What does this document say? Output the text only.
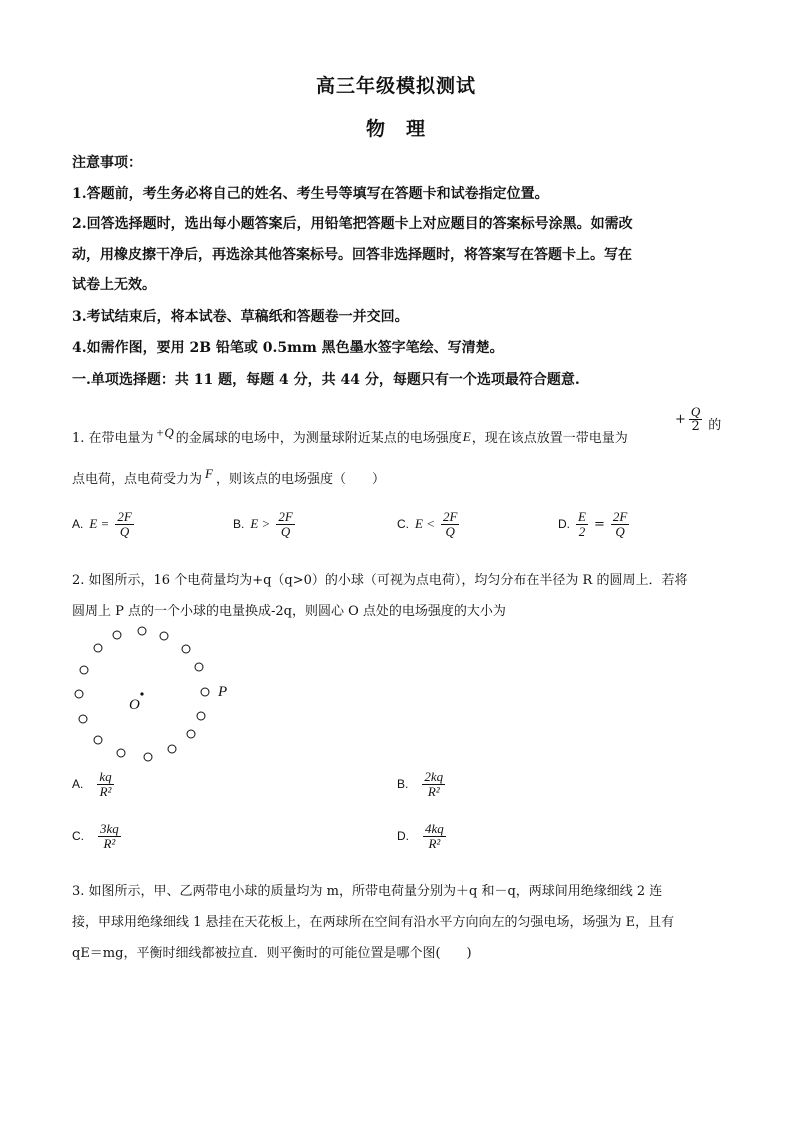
高三年级模拟测试
物　理
注意事项：
1.答题前，考生务必将自己的姓名、考生号等填写在答题卡和试卷指定位置。
2.回答选择题时，选出每小题答案后，用铅笔把答题卡上对应题目的答案标号涂黑。如需改
动，用橡皮擦干净后，再选涂其他答案标号。回答非选择题时，将答案写在答题卡上。写在
试卷上无效。
3.考试结束后，将本试卷、草稿纸和答题卷一并交回。
4.如需作图，要用 2B 铅笔或 0.5mm 黑色墨水签字笔绘、写清楚。
一.单项选择题：共 11 题，每题 4 分，共 44 分，每题只有一个选项最符合题意.
1. 在带电量为 +Q 的金属球的电场中，为测量球附近某点的电场强度 E ，现在该点放置一带电量为
+ $\frac{Q}{2}$ 的
点电荷，点电荷受力为 F ，则该点的电场强度（　　）
A. $E = \frac{2F}{Q}$	B. $E > \frac{2F}{Q}$	C. $E < \frac{2F}{Q}$	D. $\frac{E}{2} = \frac{2F}{Q}$
2. 如图所示，16 个电荷量均为+q（q>0）的小球（可视为点电荷），均匀分布在半径为 R 的圆周上．若将
圆周上 P 点的一个小球的电量换成-2q，则圆心 O 点处的电场强度的大小为
O
P
A. $\frac{kq}{\text{R²}}$	B. $\frac{2kq}{\text{R²}}$
C. $\frac{3kq}{\text{R²}}$	D. $\frac{4kq}{\text{R²}}$
3. 如图所示，甲、乙两带电小球的质量均为 m，所带电荷量分别为＋q 和－q，两球间用绝缘细线 2 连
接，甲球用绝缘细线 1 悬挂在天花板上，在两球所在空间有沿水平方向向左的匀强电场，场强为 E，且有
qE＝mg，平衡时细线都被拉直．则平衡时的可能位置是哪个图(　　)
